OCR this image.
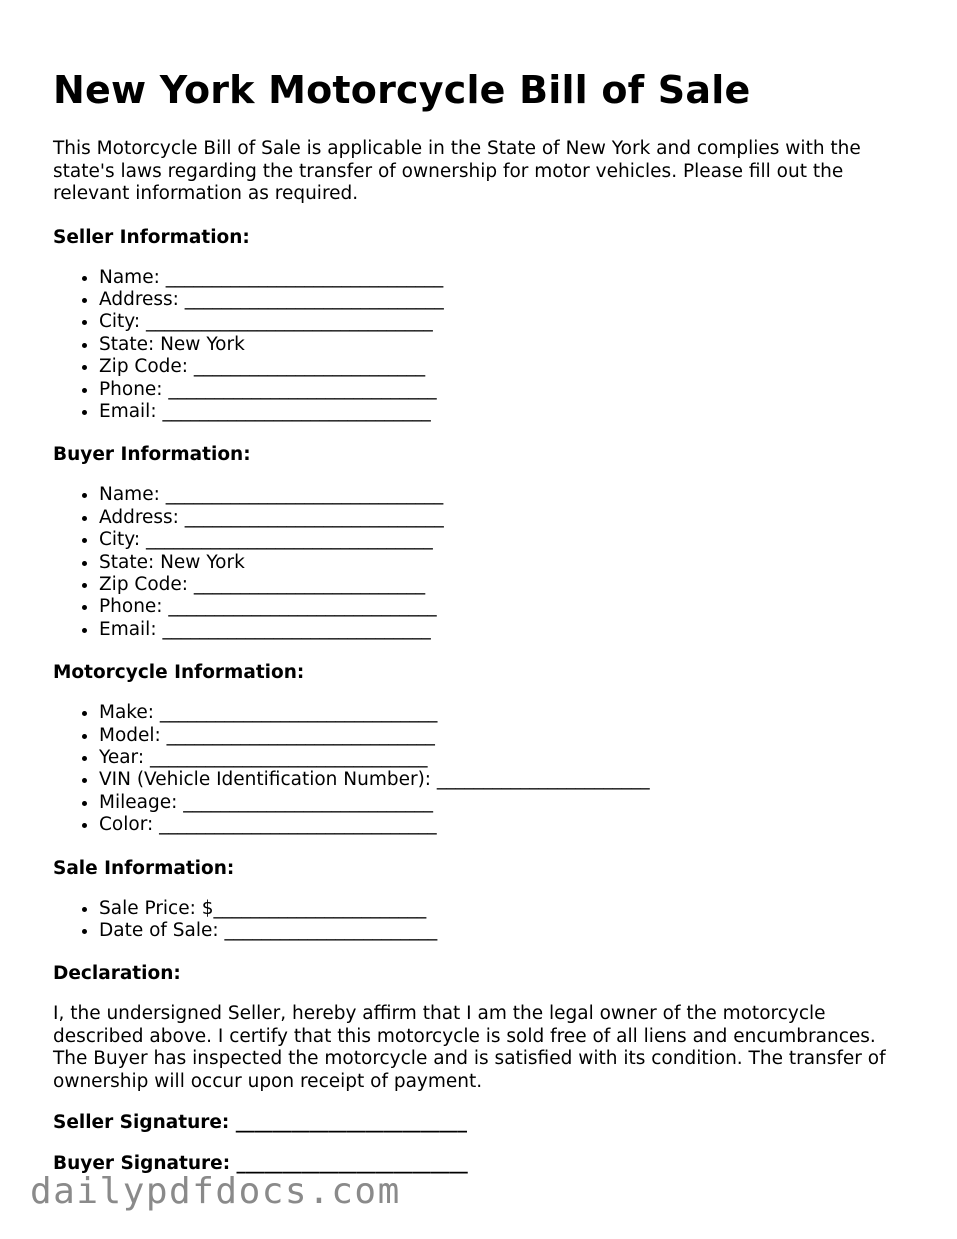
New York Motorcycle Bill of Sale

This Motorcycle Bill of Sale is applicable in the State of New York and complies with the state's laws regarding the transfer of ownership for motor vehicles. Please fill out the relevant information as required.

Seller Information:
• Name: ______________________________
• Address: ____________________________
• City: _______________________________
• State: New York
• Zip Code: _________________________
• Phone: _____________________________
• Email: _____________________________
Buyer Information:
• Name: ______________________________
• Address: ____________________________
• City: _______________________________
• State: New York
• Zip Code: _________________________
• Phone: _____________________________
• Email: _____________________________
Motorcycle Information:
• Make: ______________________________
• Model: _____________________________
• Year: ______________________________
• VIN (Vehicle Identification Number): _______________________
• Mileage: ___________________________
• Color: ______________________________
Sale Information:
• Sale Price: $_______________________
• Date of Sale: _______________________
Declaration:

I, the undersigned Seller, hereby affirm that I am the legal owner of the motorcycle described above. I certify that this motorcycle is sold free of all liens and encumbrances. The Buyer has inspected the motorcycle and is satisfied with its condition. The transfer of ownership will occur upon receipt of payment.

Seller Signature: _________________________
Buyer Signature: _________________________
dailypdfdocs.com
